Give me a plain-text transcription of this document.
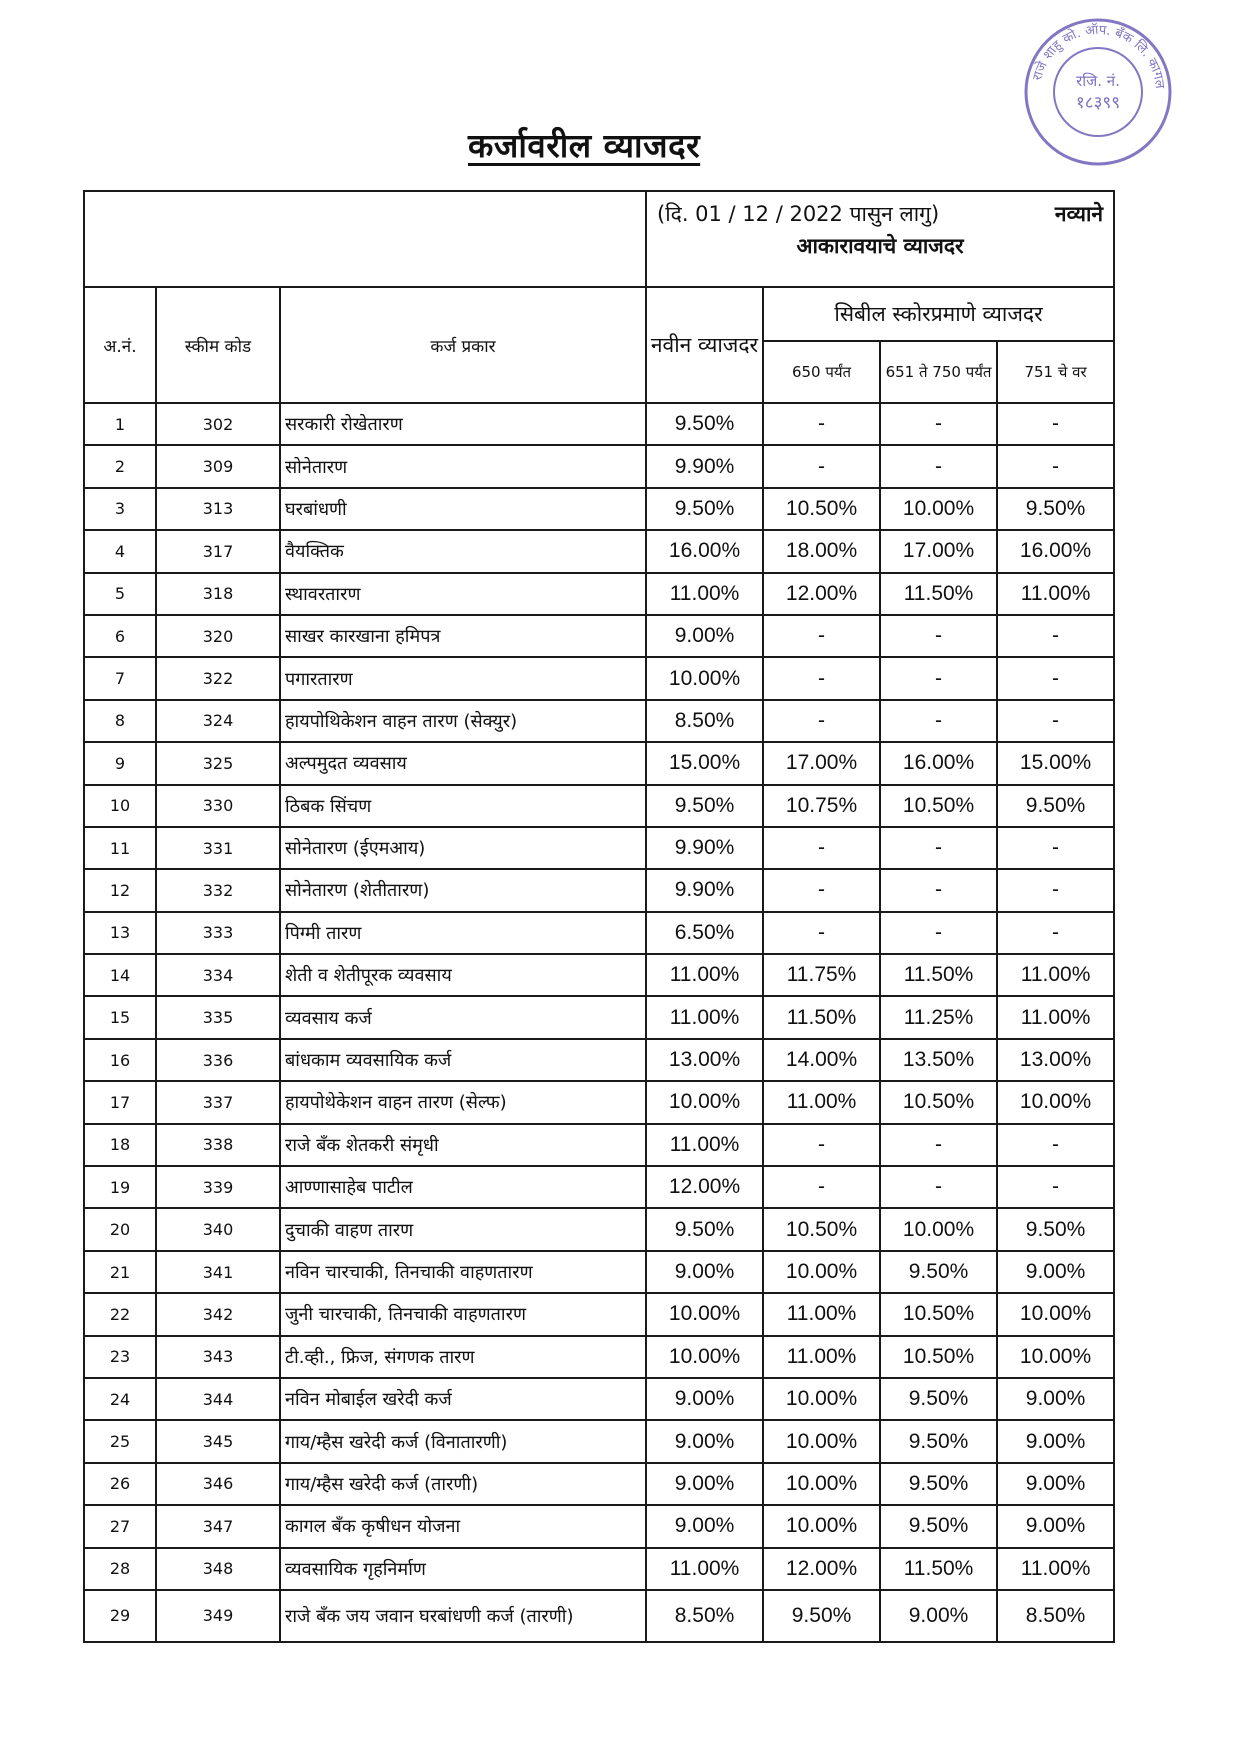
कर्जावरील व्याजदर
राजे शाहु को. ऑप. बँक लि. कागल
रजि. नं.
१८३९९

			(दि. 01 / 12 / 2022 पासुन लागु) नव्याने
आकारावयाचे व्याजदर			

अ.नं.	स्कीम कोड	कर्ज प्रकार	नवीन व्याजदर	सिबील स्कोरप्रमाणे व्याजदर		
				650 पर्यंत	651 ते 750 पर्यंत	751 चे वर
1	302	सरकारी रोखेतारण	9.50%	-	-	-
2	309	सोनेतारण	9.90%	-	-	-
3	313	घरबांधणी	9.50%	10.50%	10.00%	9.50%
4	317	वैयक्तिक	16.00%	18.00%	17.00%	16.00%
5	318	स्थावरतारण	11.00%	12.00%	11.50%	11.00%
6	320	साखर कारखाना हमिपत्र	9.00%	-	-	-
7	322	पगारतारण	10.00%	-	-	-
8	324	हायपोथिकेशन वाहन तारण (सेक्युर)	8.50%	-	-	-
9	325	अल्पमुदत व्यवसाय	15.00%	17.00%	16.00%	15.00%
10	330	ठिबक सिंचण	9.50%	10.75%	10.50%	9.50%
11	331	सोनेतारण (ईएमआय)	9.90%	-	-	-
12	332	सोनेतारण (शेतीतारण)	9.90%	-	-	-
13	333	पिग्मी तारण	6.50%	-	-	-
14	334	शेती व शेतीपूरक व्यवसाय	11.00%	11.75%	11.50%	11.00%
15	335	व्यवसाय कर्ज	11.00%	11.50%	11.25%	11.00%
16	336	बांधकाम व्यवसायिक कर्ज	13.00%	14.00%	13.50%	13.00%
17	337	हायपोथेकेशन वाहन तारण (सेल्फ)	10.00%	11.00%	10.50%	10.00%
18	338	राजे बँक शेतकरी संमृधी	11.00%	-	-	-
19	339	आण्णासाहेब पाटील	12.00%	-	-	-
20	340	दुचाकी वाहण तारण	9.50%	10.50%	10.00%	9.50%
21	341	नविन चारचाकी, तिनचाकी वाहणतारण	9.00%	10.00%	9.50%	9.00%
22	342	जुनी चारचाकी, तिनचाकी वाहणतारण	10.00%	11.00%	10.50%	10.00%
23	343	टी.व्ही., फ्रिज, संगणक तारण	10.00%	11.00%	10.50%	10.00%
24	344	नविन मोबाईल खरेदी कर्ज	9.00%	10.00%	9.50%	9.00%
25	345	गाय/म्हैस खरेदी कर्ज (विनातारणी)	9.00%	10.00%	9.50%	9.00%
26	346	गाय/म्हैस खरेदी कर्ज (तारणी)	9.00%	10.00%	9.50%	9.00%
27	347	कागल बँक कृषीधन योजना	9.00%	10.00%	9.50%	9.00%
28	348	व्यवसायिक गृहनिर्माण	11.00%	12.00%	11.50%	11.00%
29	349	राजे बँक जय जवान घरबांधणी कर्ज (तारणी)	8.50%	9.50%	9.00%	8.50%
